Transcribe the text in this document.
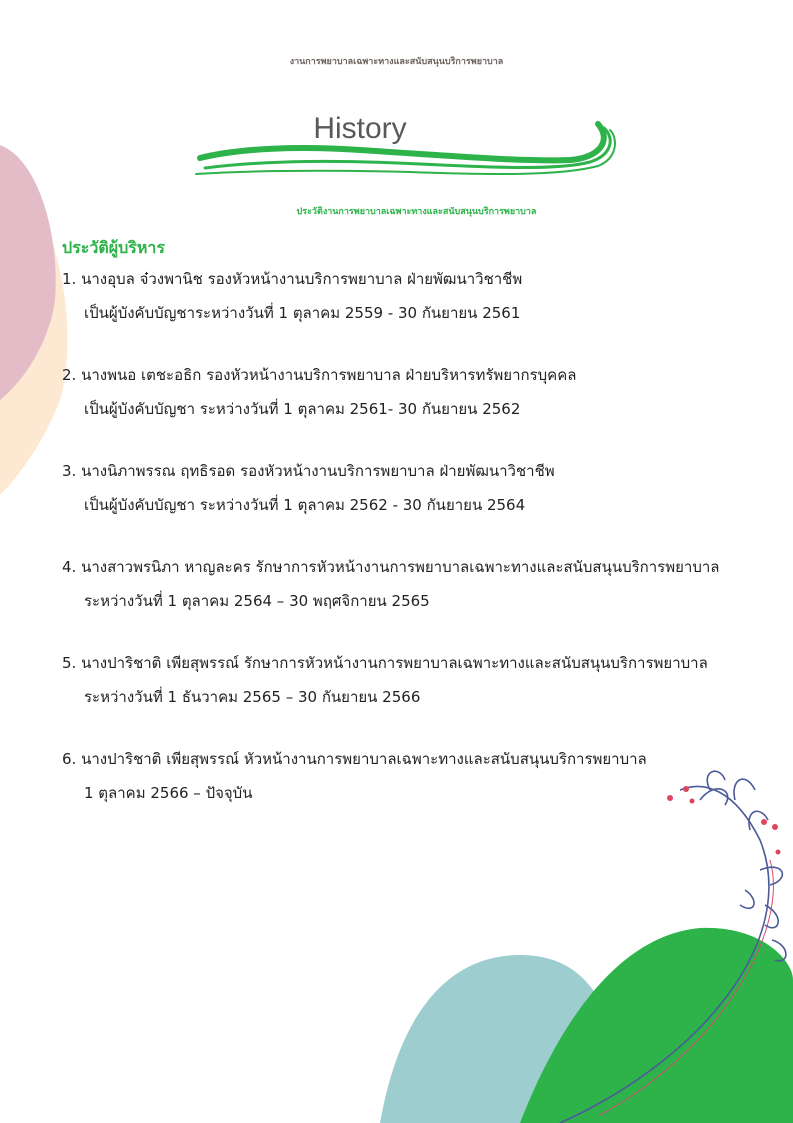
งานการพยาบาลเฉพาะทางและสนับสนุนบริการพยาบาล
History
ประวัติงานการพยาบาลเฉพาะทางและสนับสนุนบริการพยาบาล
ประวัติผู้บริหาร
1. นางอุบล จ๋วงพานิช รองหัวหน้างานบริการพยาบาล ฝ่ายพัฒนาวิชาชีพ
เป็นผู้บังคับบัญชาระหว่างวันที่ 1 ตุลาคม 2559 - 30 กันยายน 2561
2. นางพนอ เตชะอธิก รองหัวหน้างานบริการพยาบาล ฝ่ายบริหารทรัพยากรบุคคล
เป็นผู้บังคับบัญชา ระหว่างวันที่ 1 ตุลาคม 2561- 30 กันยายน 2562
3. นางนิภาพรรณ ฤทธิรอด รองหัวหน้างานบริการพยาบาล ฝ่ายพัฒนาวิชาชีพ
เป็นผู้บังคับบัญชา ระหว่างวันที่ 1 ตุลาคม 2562 - 30 กันยายน 2564
4. นางสาวพรนิภา หาญละคร รักษาการหัวหน้างานการพยาบาลเฉพาะทางและสนับสนุนบริการพยาบาล
ระหว่างวันที่ 1 ตุลาคม 2564 – 30 พฤศจิกายน 2565
5. นางปาริชาติ เพียสุพรรณ์ รักษาการหัวหน้างานการพยาบาลเฉพาะทางและสนับสนุนบริการพยาบาล
ระหว่างวันที่ 1 ธันวาคม 2565 – 30 กันยายน 2566
6. นางปาริชาติ เพียสุพรรณ์ หัวหน้างานการพยาบาลเฉพาะทางและสนับสนุนบริการพยาบาล
1 ตุลาคม 2566 – ปัจจุบัน
